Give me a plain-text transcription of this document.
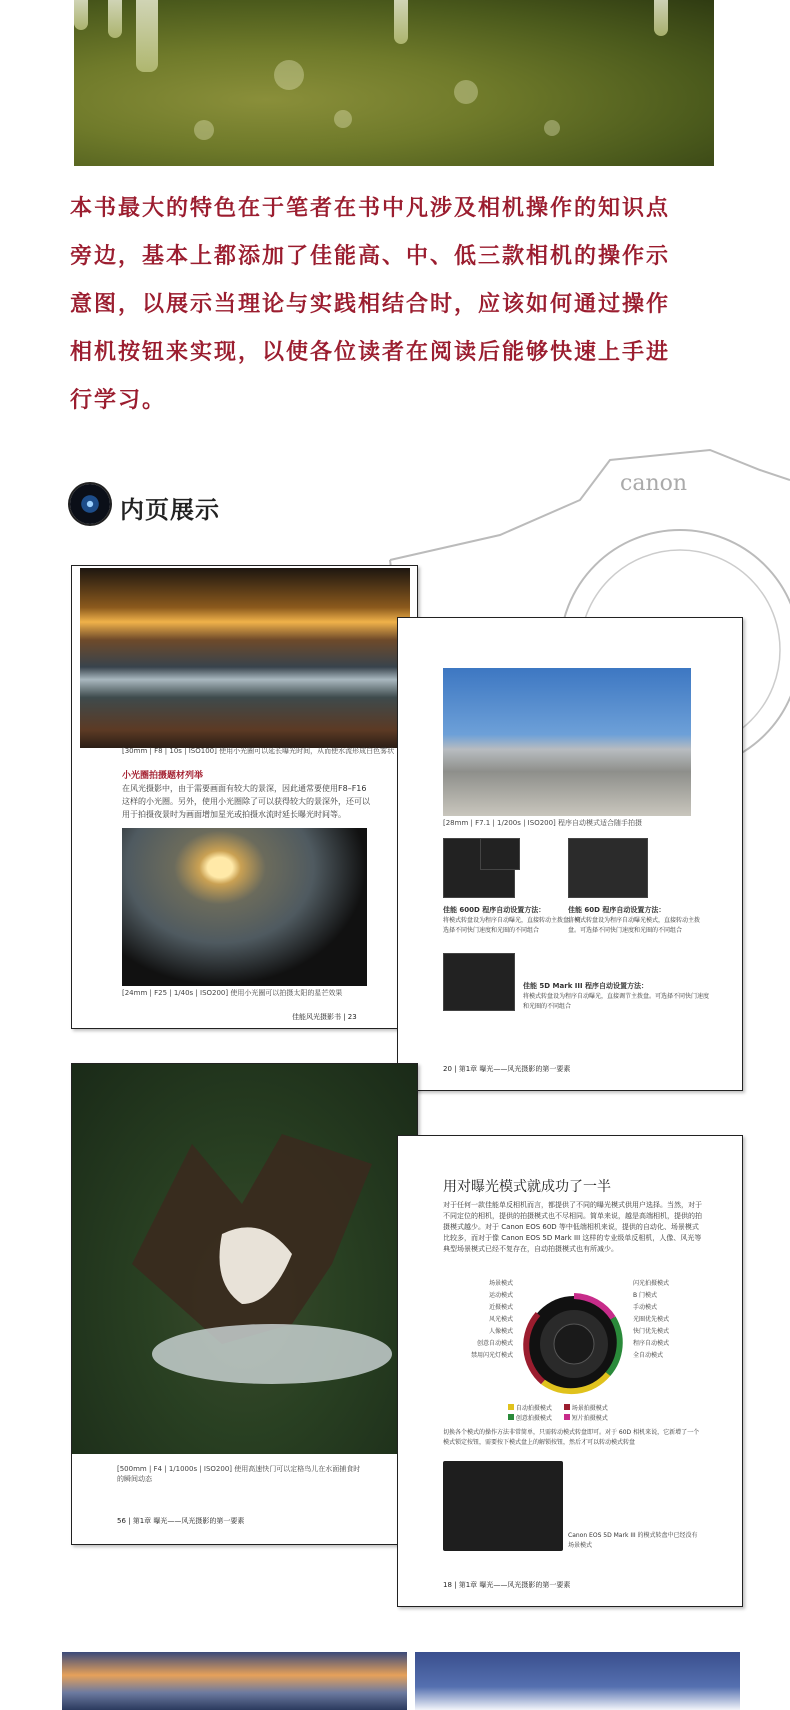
本书最大的特色在于笔者在书中凡涉及相机操作的知识点
旁边，基本上都添加了佳能高、中、低三款相机的操作示
意图，以展示当理论与实践相结合时，应该如何通过操作
相机按钮来实现，以使各位读者在阅读后能够快速上手进
行学习。
canon
内页展示
[30mm | F8 | 10s | ISO100] 使用小光圈可以延长曝光时间，从而使水流形成白色雾状
小光圈拍摄题材列举
在风光摄影中，由于需要画面有较大的景深，因此通常要使用F8–F16这样的小光圈。另外，使用小光圈除了可以获得较大的景深外，还可以用于拍摄夜景时为画面增加星光或拍摄水流时延长曝光时间等。
[24mm | F25 | 1/40s | ISO200] 使用小光圈可以拍摄太阳的星芒效果
佳能风光摄影书 | 23
[28mm | F7.1 | 1/200s | ISO200] 程序自动模式适合随手拍摄
佳能 600D 程序自动设置方法：
将模式转盘设为程序自动曝光，直接转动主拨盘。可选择不同快门速度和光圈的不同组合
佳能 60D 程序自动设置方法：
将模式转盘设为程序自动曝光模式，直接转动主拨盘。可选择不同快门速度和光圈的不同组合
佳能 5D Mark III 程序自动设置方法：
将模式转盘设为程序自动曝光，直接调节主拨盘。可选择不同快门速度和光圈的不同组合
20 | 第1章 曝光——风光摄影的第一要素
[500mm | F4 | 1/1000s | ISO200] 使用高速快门可以定格鸟儿在水面捕食时的瞬间动态
56 | 第1章 曝光——风光摄影的第一要素
用对曝光模式就成功了一半
对于任何一款佳能单反相机而言，都提供了不同的曝光模式供用户选择。当然，对于不同定位的相机，提供的拍摄模式也不尽相同。简单来说，越是高端相机，提供的拍摄模式越少。对于 Canon EOS 60D 等中低端相机来说，提供的自动化、场景模式比较多，而对于像 Canon EOS 5D Mark III 这样的专业级单反相机，人像、风光等典型场景模式已经不复存在，自动拍摄模式也有所减少。
场景模式
运动模式
近摄模式
风光模式
人像模式
创意自动模式
禁用闪光灯模式
闪光拍摄模式
B 门模式
手动模式
光圈优先模式
快门优先模式
程序自动模式
全自动模式
自动拍摄模式	场景拍摄模式
创意拍摄模式	短片拍摄模式
切换各个模式的操作方法非常简单，只需转动模式转盘即可。对于 60D 相机来说，它新增了一个模式锁定按钮，需要按下模式盘上的解锁按钮，然后才可以转动模式转盘
Canon EOS 5D Mark III 的模式转盘中已经没有场景模式
18 | 第1章 曝光——风光摄影的第一要素
